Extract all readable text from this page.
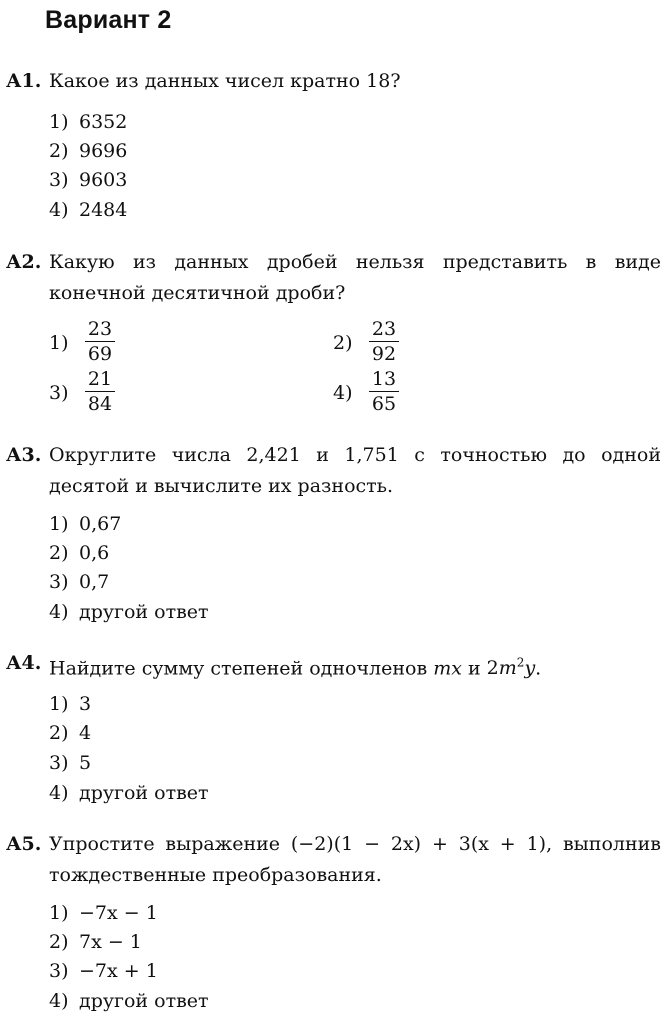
Вариант 2
А1. Какое из данных чисел кратно 18?
1) 6352
2) 9696
3) 9603
4) 2484
А2. Какую из данных дробей нельзя представить в виде конечной десятичной дроби?
$1) \frac{23}{69}$	$2) \frac{23}{92}$
$3) \frac{21}{84}$	$4) \frac{13}{65}$
А3. Округлите числа 2,421 и 1,751 с точностью до одной десятой и вычислите их разность.
1) 0,67
2) 0,6
3) 0,7
4) другой ответ
А4. Найдите сумму степеней одночленов mx и $2m^2y$.
1) 3
2) 4
3) 5
4) другой ответ
А5. Упростите выражение (−2)(1 − 2x) + 3(x + 1), выполнив тождественные преобразования.
1) −7x − 1
2) 7x − 1
3) −7x + 1
4) другой ответ
